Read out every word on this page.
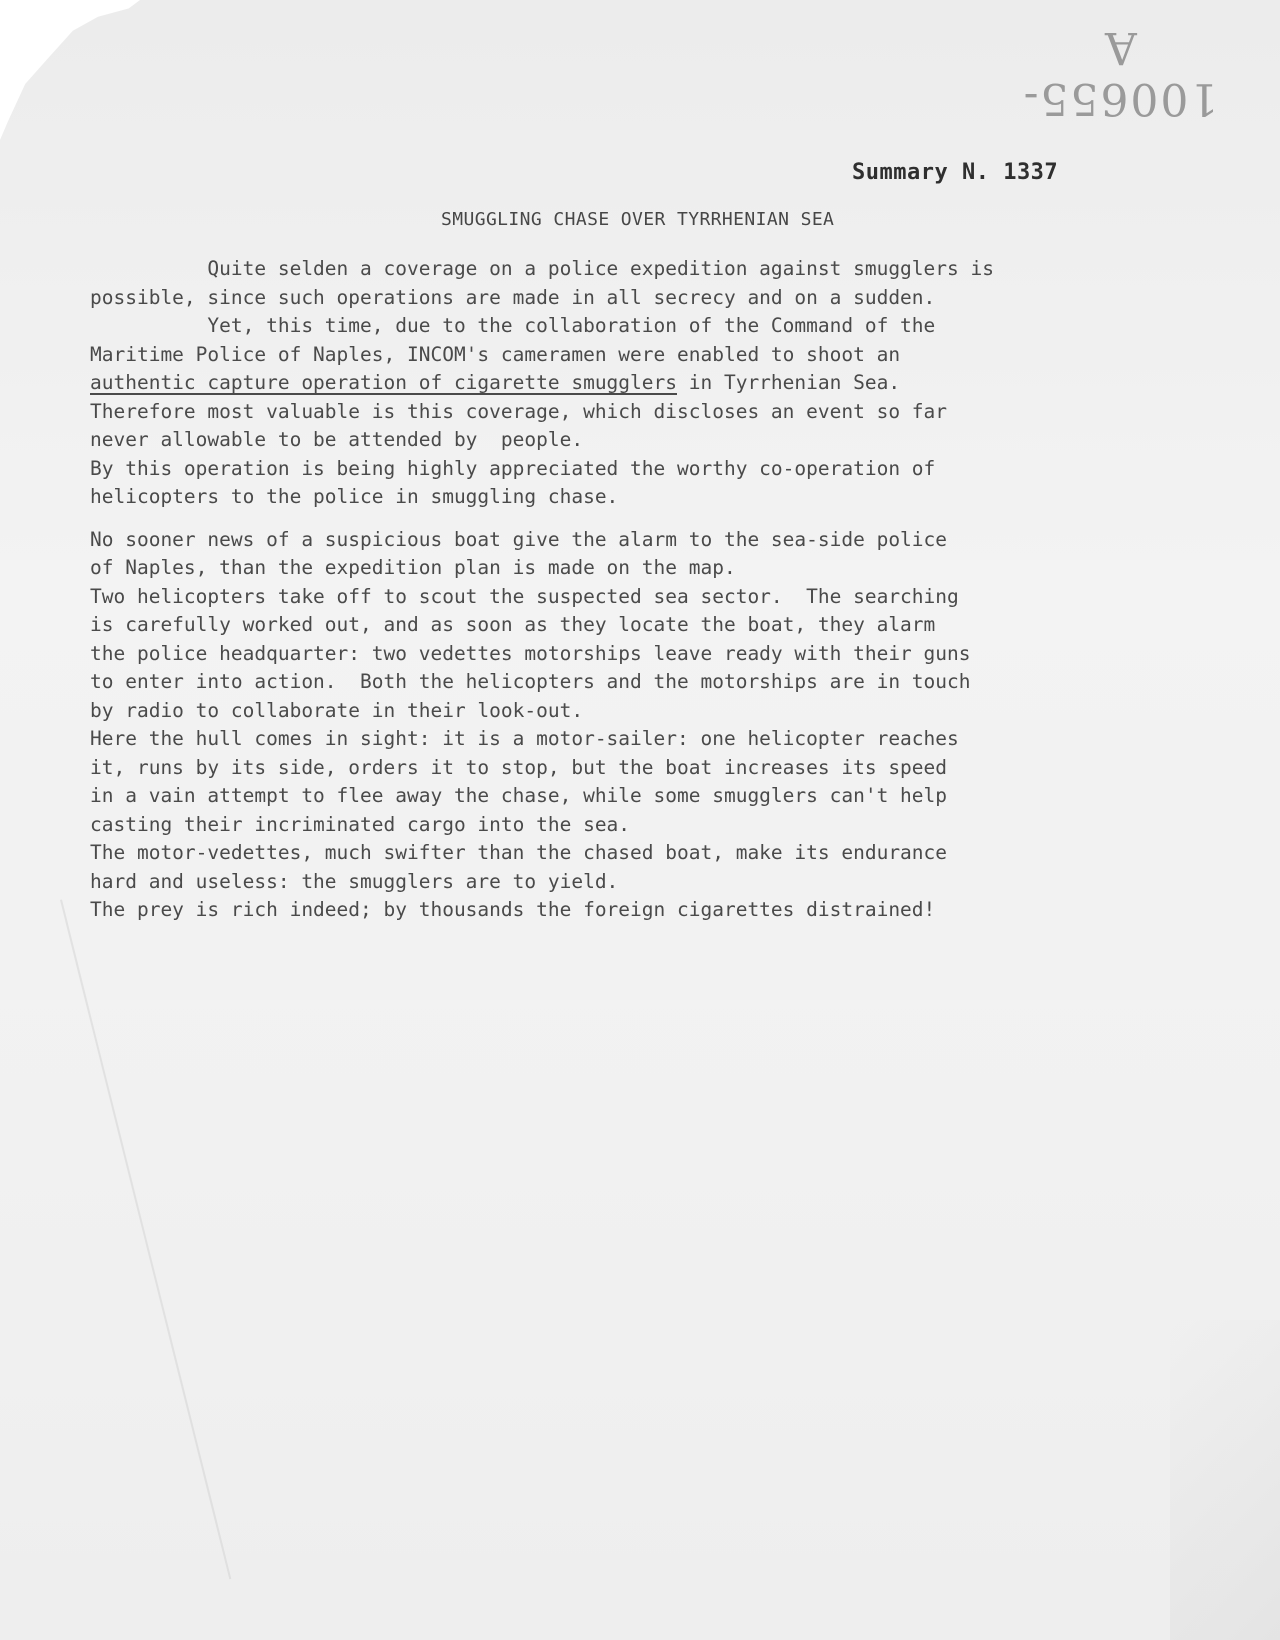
100655-A
Summary N. 1337
SMUGGLING CHASE OVER TYRRHENIAN SEA
Quite selden a coverage on a police expedition against smugglers is
possible, since such operations are made in all secrecy and on a sudden.
Yet, this time, due to the collaboration of the Command of the
Maritime Police of Naples, INCOM's cameramen were enabled to shoot an
authentic capture operation of cigarette smugglers in Tyrrhenian Sea.
Therefore most valuable is this coverage, which discloses an event so far
never allowable to be attended by  people.
By this operation is being highly appreciated the worthy co-operation of
helicopters to the police in smuggling chase.
No sooner news of a suspicious boat give the alarm to the sea-side police
of Naples, than the expedition plan is made on the map.
Two helicopters take off to scout the suspected sea sector.  The searching
is carefully worked out, and as soon as they locate the boat, they alarm
the police headquarter: two vedettes motorships leave ready with their guns
to enter into action.  Both the helicopters and the motorships are in touch
by radio to collaborate in their look-out.
Here the hull comes in sight: it is a motor-sailer: one helicopter reaches
it, runs by its side, orders it to stop, but the boat increases its speed
in a vain attempt to flee away the chase, while some smugglers can't help
casting their incriminated cargo into the sea.
The motor-vedettes, much swifter than the chased boat, make its endurance
hard and useless: the smugglers are to yield.
The prey is rich indeed; by thousands the foreign cigarettes distrained!
